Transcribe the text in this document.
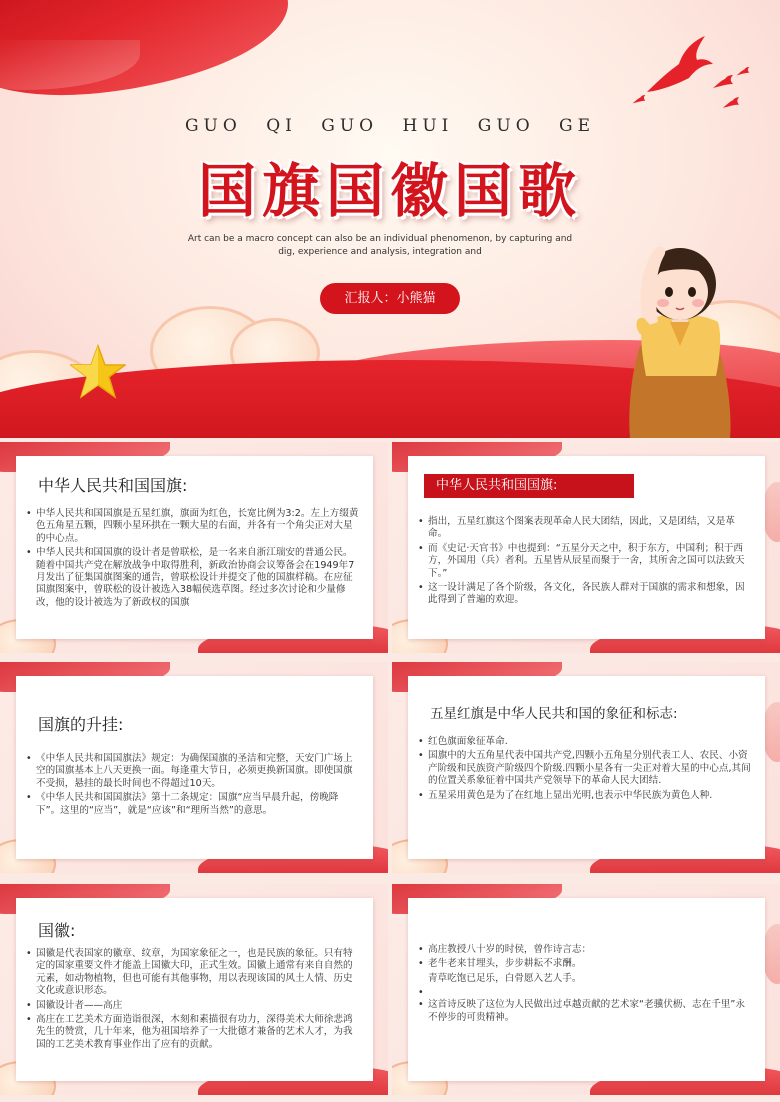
GUO QI GUO HUI GUO GE
国旗国徽国歌
Art can be a macro concept can also be an individual phenomenon, by capturing and dig, experience and analysis, integration and
汇报人：小熊猫
中华人民共和国国旗:
• 中华人民共和国国旗是五星红旗，旗面为红色，长宽比例为3:2。左上方缀黄色五角星五颗，四颗小星环拱在一颗大星的右面，并各有一个角尖正对大星的中心点。
• 中华人民共和国国旗的设计者是曾联松，是一名来自浙江瑞安的普通公民。随着中国共产党在解放战争中取得胜利，新政治协商会议筹备会在1949年7月发出了征集国旗图案的通告，曾联松设计并提交了他的国旗样稿。在应征国旗图案中，曾联松的设计被选入38幅侯选草图。经过多次讨论和少量修改，他的设计被选为了新政权的国旗
中华人民共和国国旗:
• 指出，五星红旗这个图案表现革命人民大团结，因此，又是团结，又是革命。
• 而《史记·天官书》中也提到：“五星分天之中，积于东方，中国利；积于西方，外国用（兵）者利。五星皆从辰星而聚于一舍，其所舍之国可以法致天下。”
• 这一设计满足了各个阶级，各文化，各民族人群对于国旗的需求和想象，因此得到了普遍的欢迎。
国旗的升挂:
• 《中华人民共和国国旗法》规定：为确保国旗的圣洁和完整，天安门广场上空的国旗基本上八天更换一面。每逢重大节日，必须更换新国旗。即使国旗不受损，悬挂的最长时间也不得超过10天。
• 《中华人民共和国国旗法》第十二条规定：国旗“应当早晨升起，傍晚降下”。这里的“应当”，就是“应该”和“理所当然”的意思。
五星红旗是中华人民共和国的象征和标志:
• 红色旗面象征革命.
• 国旗中的大五角星代表中国共产党,四颗小五角星分别代表工人、农民、小资产阶级和民族资产阶级四个阶级.四颗小星各有一尖正对着大星的中心点,其间的位置关系象征着中国共产党领导下的革命人民大团结.
• 五星采用黄色是为了在红地上显出光明,也表示中华民族为黄色人种.
国徽:
• 国徽是代表国家的徽章、纹章，为国家象征之一，也是民族的象征。只有特定的国家重要文件才能盖上国徽大印，正式生效。国徽上通常有来自自然的元素，如动物植物，但也可能有其他事物，用以表现该国的风土人情、历史文化或意识形态。
• 国徽设计者——高庄
• 高庄在工艺美术方面造诣很深，木刻和素描很有功力，深得美术大师徐悲鸿先生的赞赏，几十年来，他为祖国培养了一大批德才兼备的艺术人才，为我国的工艺美术教育事业作出了应有的贡献。
• 高庄教授八十岁的时侯，曾作诗言志：
• 老牛老来甘埋头，步步耕耘不求酬。
青草吃饱已足乐，白骨愿入艺人手。
•
• 这首诗反映了这位为人民做出过卓越贡献的艺术家“老骥伏枥、志在千里”永不停步的可贵精神。
